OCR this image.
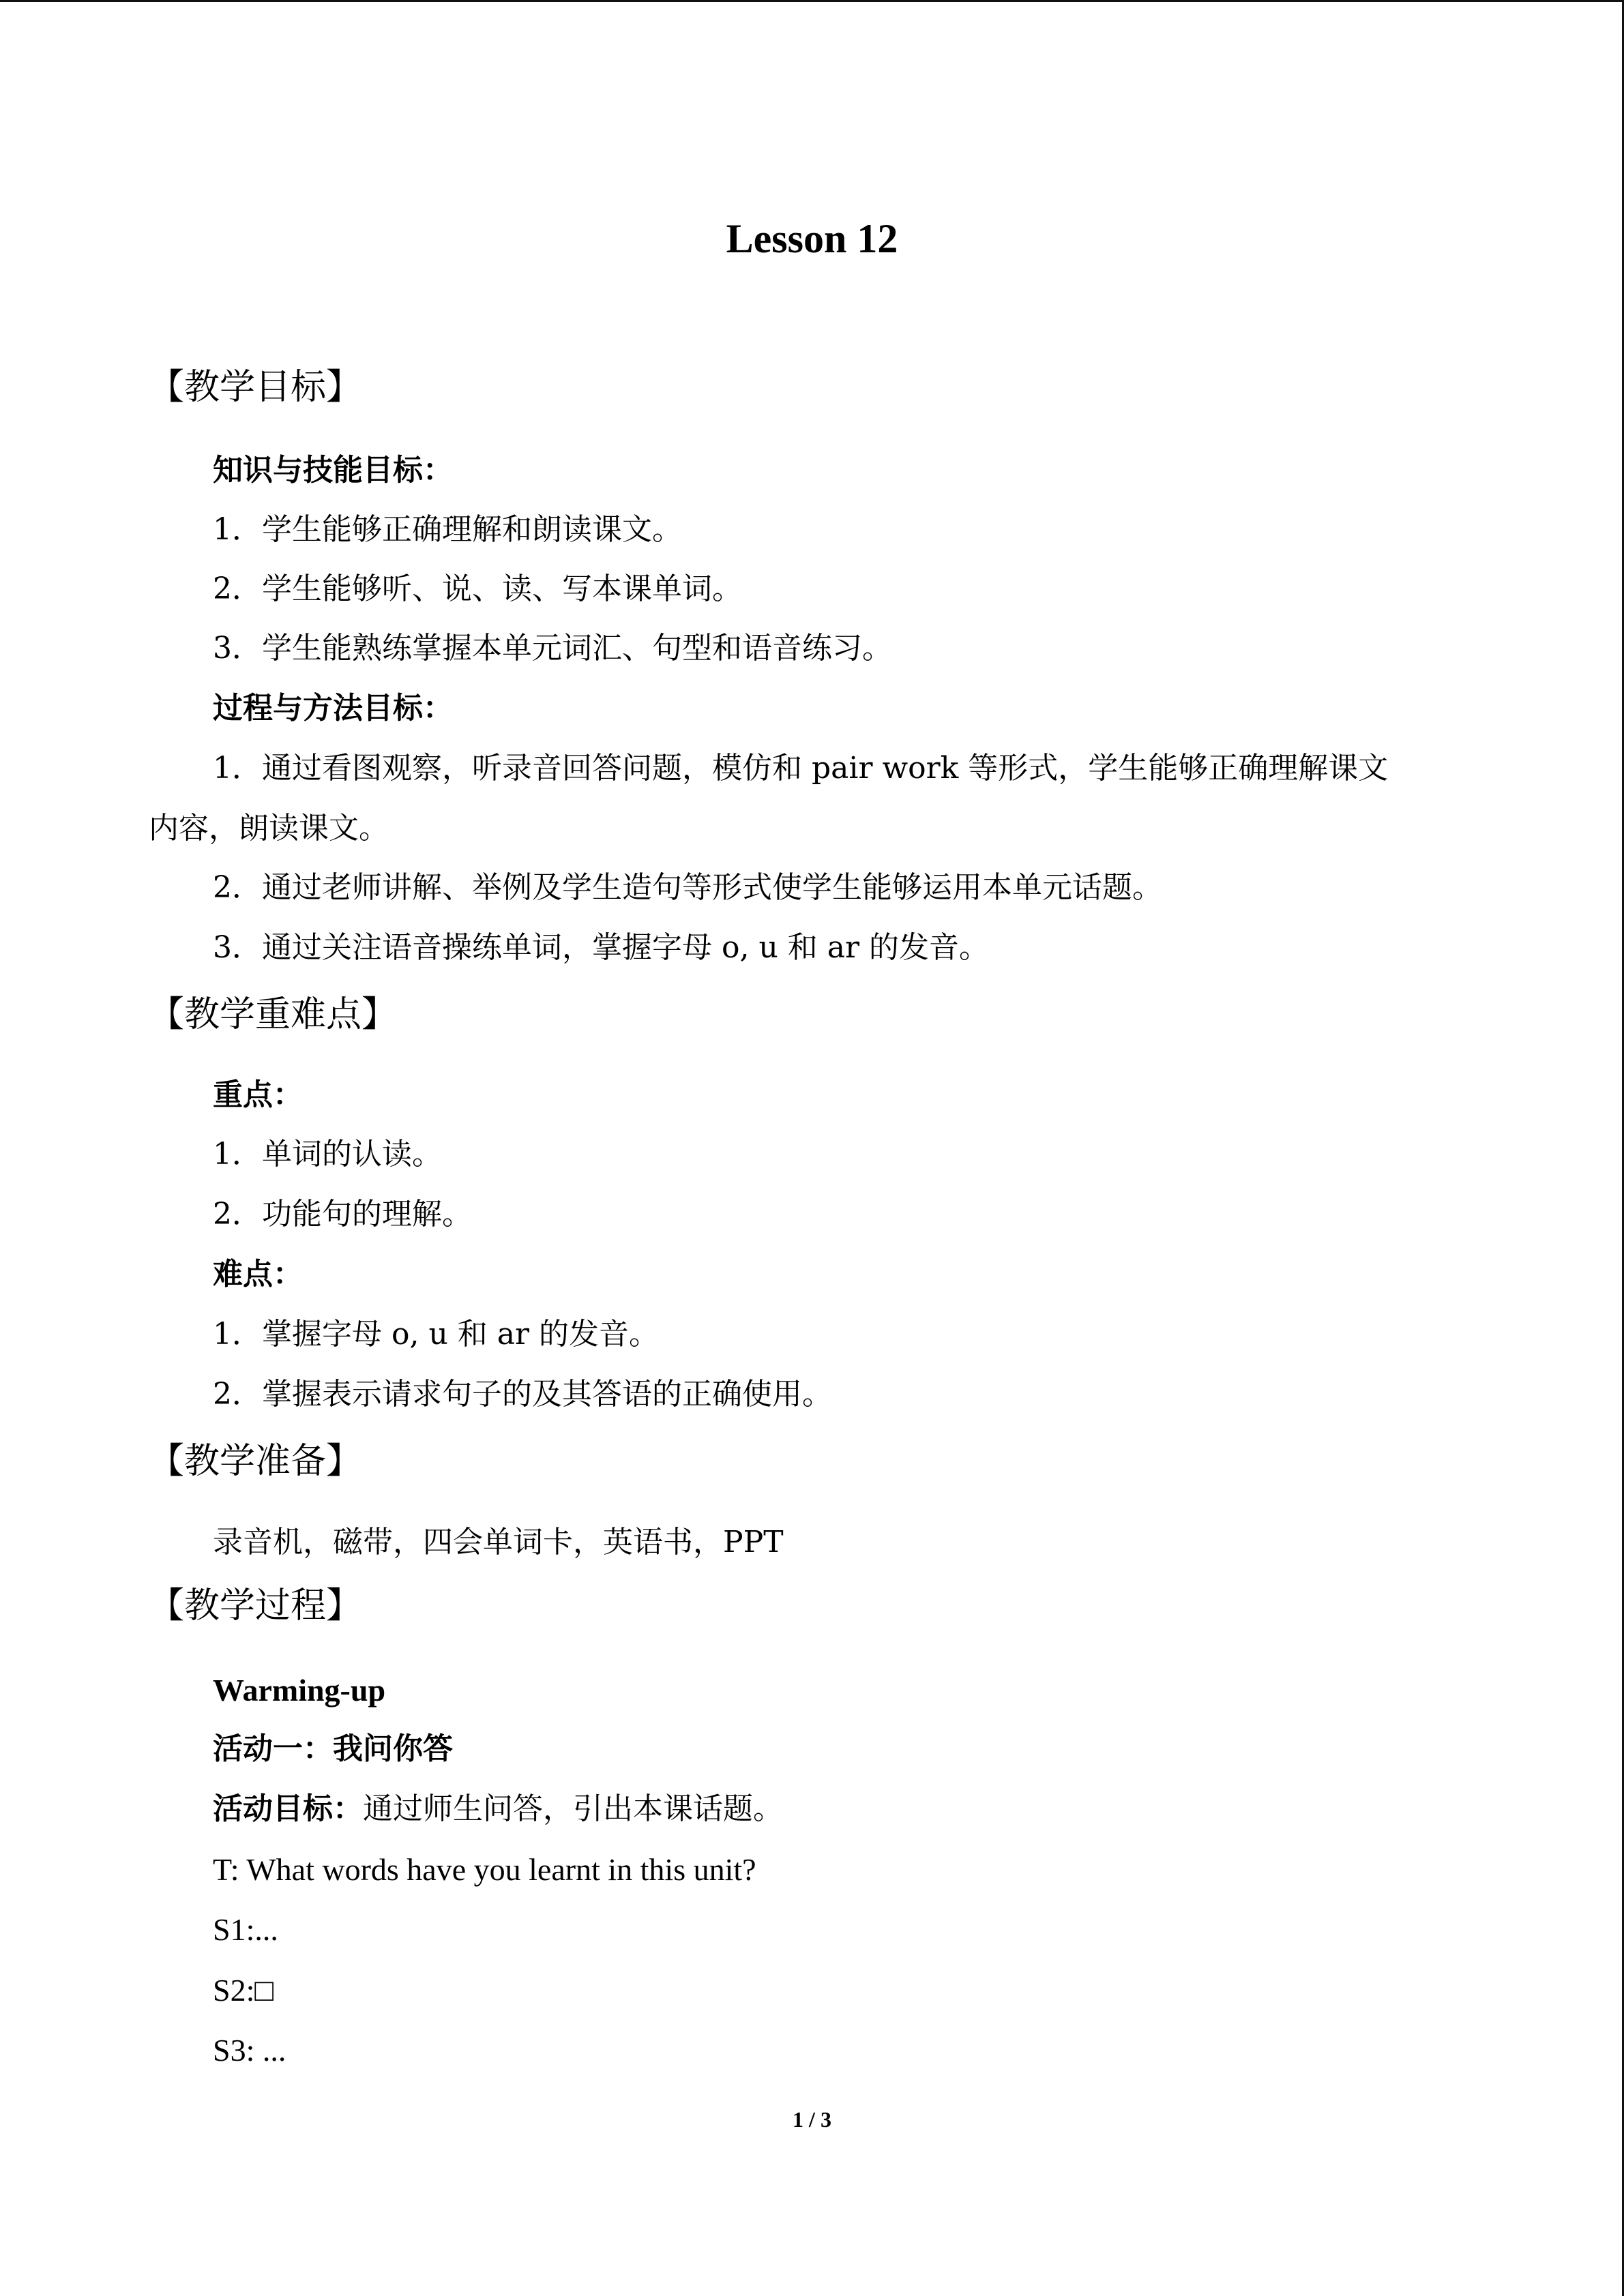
Lesson 12
【教学目标】
知识与技能目标：
1．学生能够正确理解和朗读课文。
2．学生能够听、说、读、写本课单词。
3．学生能熟练掌握本单元词汇、句型和语音练习。
过程与方法目标：
1．通过看图观察，听录音回答问题，模仿和 pair work 等形式，学生能够正确理解课文
内容，朗读课文。
2．通过老师讲解、举例及学生造句等形式使学生能够运用本单元话题。
3．通过关注语音操练单词，掌握字母 o, u 和 ar 的发音。
【教学重难点】
重点：
1．单词的认读。
2．功能句的理解。
难点：
1．掌握字母 o, u 和 ar 的发音。
2．掌握表示请求句子的及其答语的正确使用。
【教学准备】
录音机，磁带，四会单词卡，英语书，PPT
【教学过程】
Warming-up
活动一：我问你答
活动目标：通过师生问答，引出本课话题。
T: What words have you learnt in this unit?
S1:...
S2:□
S3: ...
1 / 3
